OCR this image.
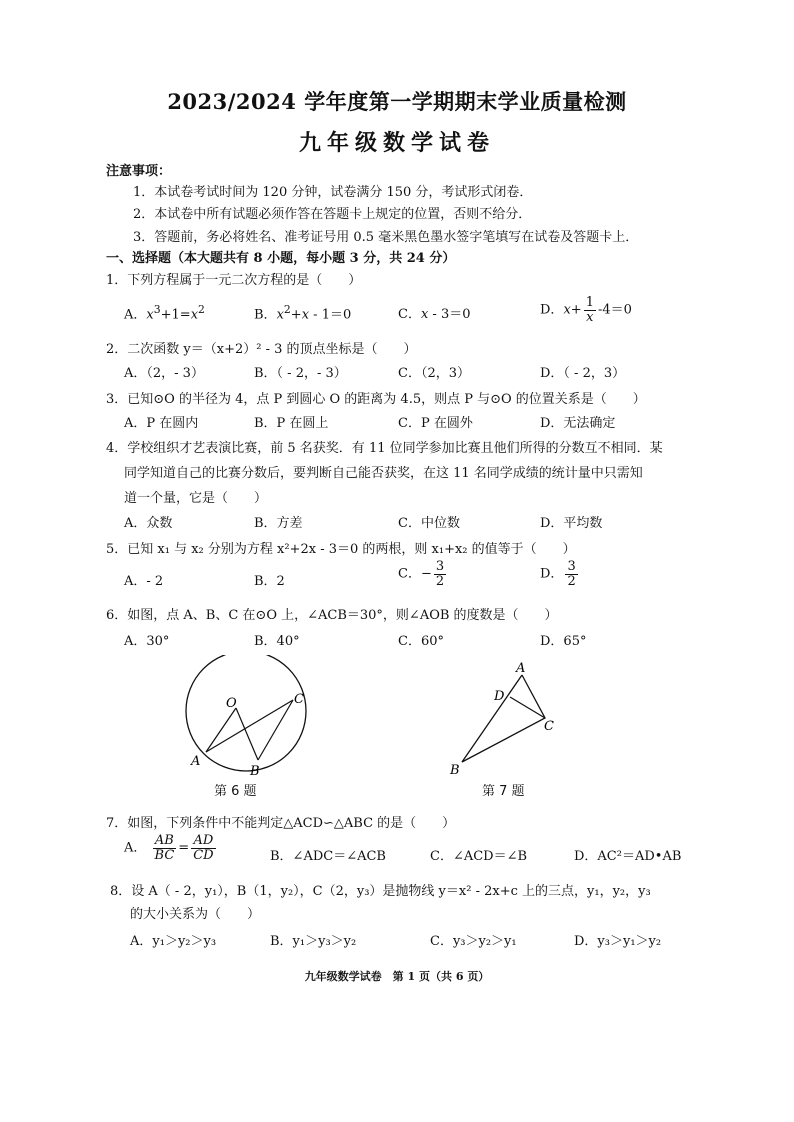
2023/2024 学年度第一学期期末学业质量检测
九年级数学试卷
注意事项：
1．本试卷考试时间为 120 分钟，试卷满分 150 分，考试形式闭卷．
2．本试卷中所有试题必须作答在答题卡上规定的位置，否则不给分．
3．答题前，务必将姓名、准考证号用 0.5 毫米黑色墨水签字笔填写在试卷及答题卡上．
一、选择题（本大题共有 8 小题，每小题 3 分，共 24 分）
1．下列方程属于一元二次方程的是（　　）
A．$x^3+1=x^2$	B．$x^2+x - 1=0$	C．x - 3＝0	D．$x+ \frac{1}{x} -4=0$
2．二次函数 y＝（x+2）² - 3 的顶点坐标是（　　）
A．（2，- 3）	B．（ - 2，- 3）	C．（2，3）	D．（ - 2，3）
3．已知⊙O 的半径为 4，点 P 到圆心 O 的距离为 4.5，则点 P 与⊙O 的位置关系是（　　）
A．P 在圆内	B．P 在圆上	C．P 在圆外	D．无法确定
4．学校组织才艺表演比赛，前 5 名获奖．有 11 位同学参加比赛且他们所得的分数互不相同．某
同学知道自己的比赛分数后，要判断自己能否获奖，在这 11 名同学成绩的统计量中只需知
道一个量，它是（　　）
A．众数	B．方差	C．中位数	D．平均数
5．已知 x₁ 与 x₂ 分别为方程 x²+2x - 3＝0 的两根，则 x₁+x₂ 的值等于（　　）
A．- 2	B．2	C．− $\frac{3}{2}$	D． $\frac{3}{2}$
6．如图，点 A、B、C 在⊙O 上，∠ACB＝30°，则∠AOB 的度数是（　　）
A．30°	B．40°	C．60°	D．65°
O	C
A
B
第 6 题
A
D
C
B
第 7 题
7．如图，下列条件中不能判定△ACD∽△ABC 的是（　　）
A． $\frac{AB}{BC} = \frac{AD}{CD}$	B．∠ADC＝∠ACB	C．∠ACD＝∠B	D．AC²＝AD•AB
8．设 A（ - 2，y₁），B（1，y₂），C（2，y₃）是抛物线 y＝x² - 2x+c 上的三点，y₁，y₂，y₃
的大小关系为（　　）
A．y₁＞y₂＞y₃	B．y₁＞y₃＞y₂	C．y₃＞y₂＞y₁	D．y₃＞y₁＞y₂
九年级数学试卷　第 1 页（共 6 页）
